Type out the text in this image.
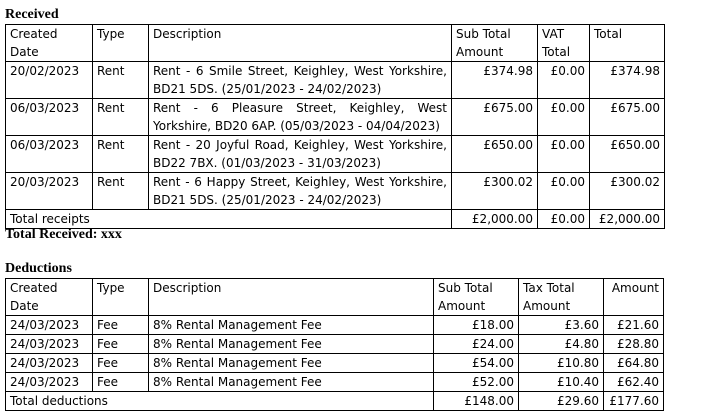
Received
Created Date	Type	Description	Sub Total Amount	VAT Total	Total
20/02/2023	Rent	Rent - 6 Smile Street, Keighley, West Yorkshire, BD21 5DS. (25/01/2023 - 24/02/2023)	£374.98	£0.00	£374.98
06/03/2023	Rent	Rent - 6 Pleasure Street, Keighley, West Yorkshire, BD20 6AP. (05/03/2023 - 04/04/2023)	£675.00	£0.00	£675.00
06/03/2023	Rent	Rent - 20 Joyful Road, Keighley, West Yorkshire, BD22 7BX. (01/03/2023 - 31/03/2023)	£650.00	£0.00	£650.00
20/03/2023	Rent	Rent - 6 Happy Street, Keighley, West Yorkshire, BD21 5DS. (25/01/2023 - 24/02/2023)	£300.02	£0.00	£300.02
Total receipts			£2,000.00	£0.00	£2,000.00
Total Received: xxx
Deductions
Created Date	Type	Description	Sub Total Amount	Tax Total Amount	Amount
24/03/2023	Fee	8% Rental Management Fee	£18.00	£3.60	£21.60
24/03/2023	Fee	8% Rental Management Fee	£24.00	£4.80	£28.80
24/03/2023	Fee	8% Rental Management Fee	£54.00	£10.80	£64.80
24/03/2023	Fee	8% Rental Management Fee	£52.00	£10.40	£62.40
Total deductions			£148.00	£29.60	£177.60
